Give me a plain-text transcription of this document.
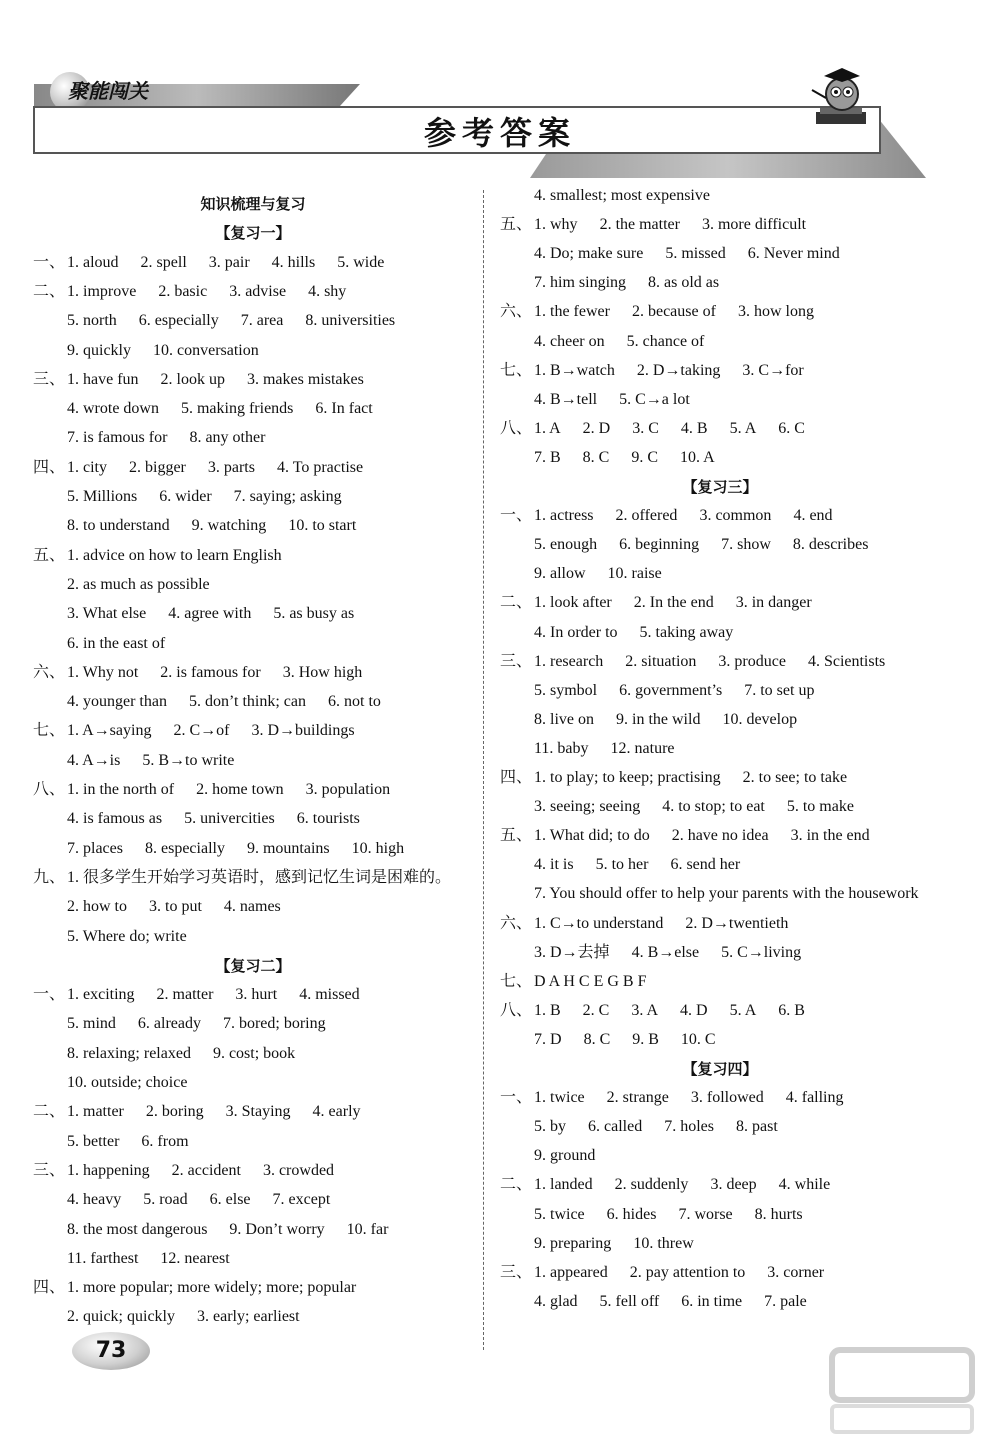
聚能闯关
参考答案
知识梳理与复习
【复习一】
一、 1. aloud 2. spell 3. pair 4. hills 5. wide
二、 1. improve 2. basic 3. advise 4. shy
5. north 6. especially 7. area 8. universities
9. quickly 10. conversation
三、 1. have fun 2. look up 3. makes mistakes
4. wrote down 5. making friends 6. In fact
7. is famous for 8. any other
四、 1. city 2. bigger 3. parts 4. To practise
5. Millions 6. wider 7. saying; asking
8. to understand 9. watching 10. to start
五、 1. advice on how to learn English
2. as much as possible
3. What else 4. agree with 5. as busy as
6. in the east of
六、 1. Why not 2. is famous for 3. How high
4. younger than 5. don’t think; can 6. not to
七、 1. A→saying 2. C→of 3. D→buildings
4. A→is 5. B→to write
八、 1. in the north of 2. home town 3. population
4. is famous as 5. univercities 6. tourists
7. places 8. especially 9. mountains 10. high
九、 1. 很多学生开始学习英语时，感到记忆生词是困难的。
2. how to 3. to put 4. names
5. Where do; write
【复习二】
一、 1. exciting 2. matter 3. hurt 4. missed
5. mind 6. already 7. bored; boring
8. relaxing; relaxed 9. cost; book
10. outside; choice
二、 1. matter 2. boring 3. Staying 4. early
5. better 6. from
三、 1. happening 2. accident 3. crowded
4. heavy 5. road 6. else 7. except
8. the most dangerous 9. Don’t worry 10. far
11. farthest 12. nearest
四、 1. more popular; more widely; more; popular
2. quick; quickly 3. early; earliest
4. smallest; most expensive
五、 1. why 2. the matter 3. more difficult
4. Do; make sure 5. missed 6. Never mind
7. him singing 8. as old as
六、 1. the fewer 2. because of 3. how long
4. cheer on 5. chance of
七、 1. B→watch 2. D→taking 3. C→for
4. B→tell 5. C→a lot
八、 1. A 2. D 3. C 4. B 5. A 6. C
7. B 8. C 9. C 10. A
【复习三】
一、 1. actress 2. offered 3. common 4. end
5. enough 6. beginning 7. show 8. describes
9. allow 10. raise
二、 1. look after 2. In the end 3. in danger
4. In order to 5. taking away
三、 1. research 2. situation 3. produce 4. Scientists
5. symbol 6. government’s 7. to set up
8. live on 9. in the wild 10. develop
11. baby 12. nature
四、 1. to play; to keep; practising 2. to see; to take
3. seeing; seeing 4. to stop; to eat 5. to make
五、 1. What did; to do 2. have no idea 3. in the end
4. it is 5. to her 6. send her
7. You should offer to help your parents with the housework
六、 1. C→to understand 2. D→twentieth
3. D→去掉 4. B→else 5. C→living
七、 D A H C E G B F
八、 1. B 2. C 3. A 4. D 5. A 6. B
7. D 8. C 9. B 10. C
【复习四】
一、 1. twice 2. strange 3. followed 4. falling
5. by 6. called 7. holes 8. past
9. ground
二、 1. landed 2. suddenly 3. deep 4. while
5. twice 6. hides 7. worse 8. hurts
9. preparing 10. threw
三、 1. appeared 2. pay attention to 3. corner
4. glad 5. fell off 6. in time 7. pale
73
